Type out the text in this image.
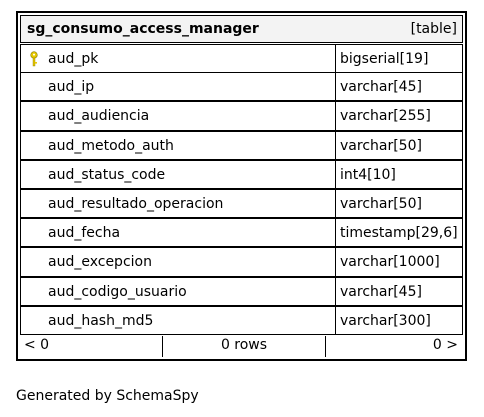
sg_consumo_access_manager	[table]
aud_pk	bigserial[19]
aud_ip	varchar[45]
aud_audiencia	varchar[255]
aud_metodo_auth	varchar[50]
aud_status_code	int4[10]
aud_resultado_operacion	varchar[50]
aud_fecha	timestamp[29,6]
aud_excepcion	varchar[1000]
aud_codigo_usuario	varchar[45]
aud_hash_md5	varchar[300]
< 0	0 rows	0 >
Generated by SchemaSpy
